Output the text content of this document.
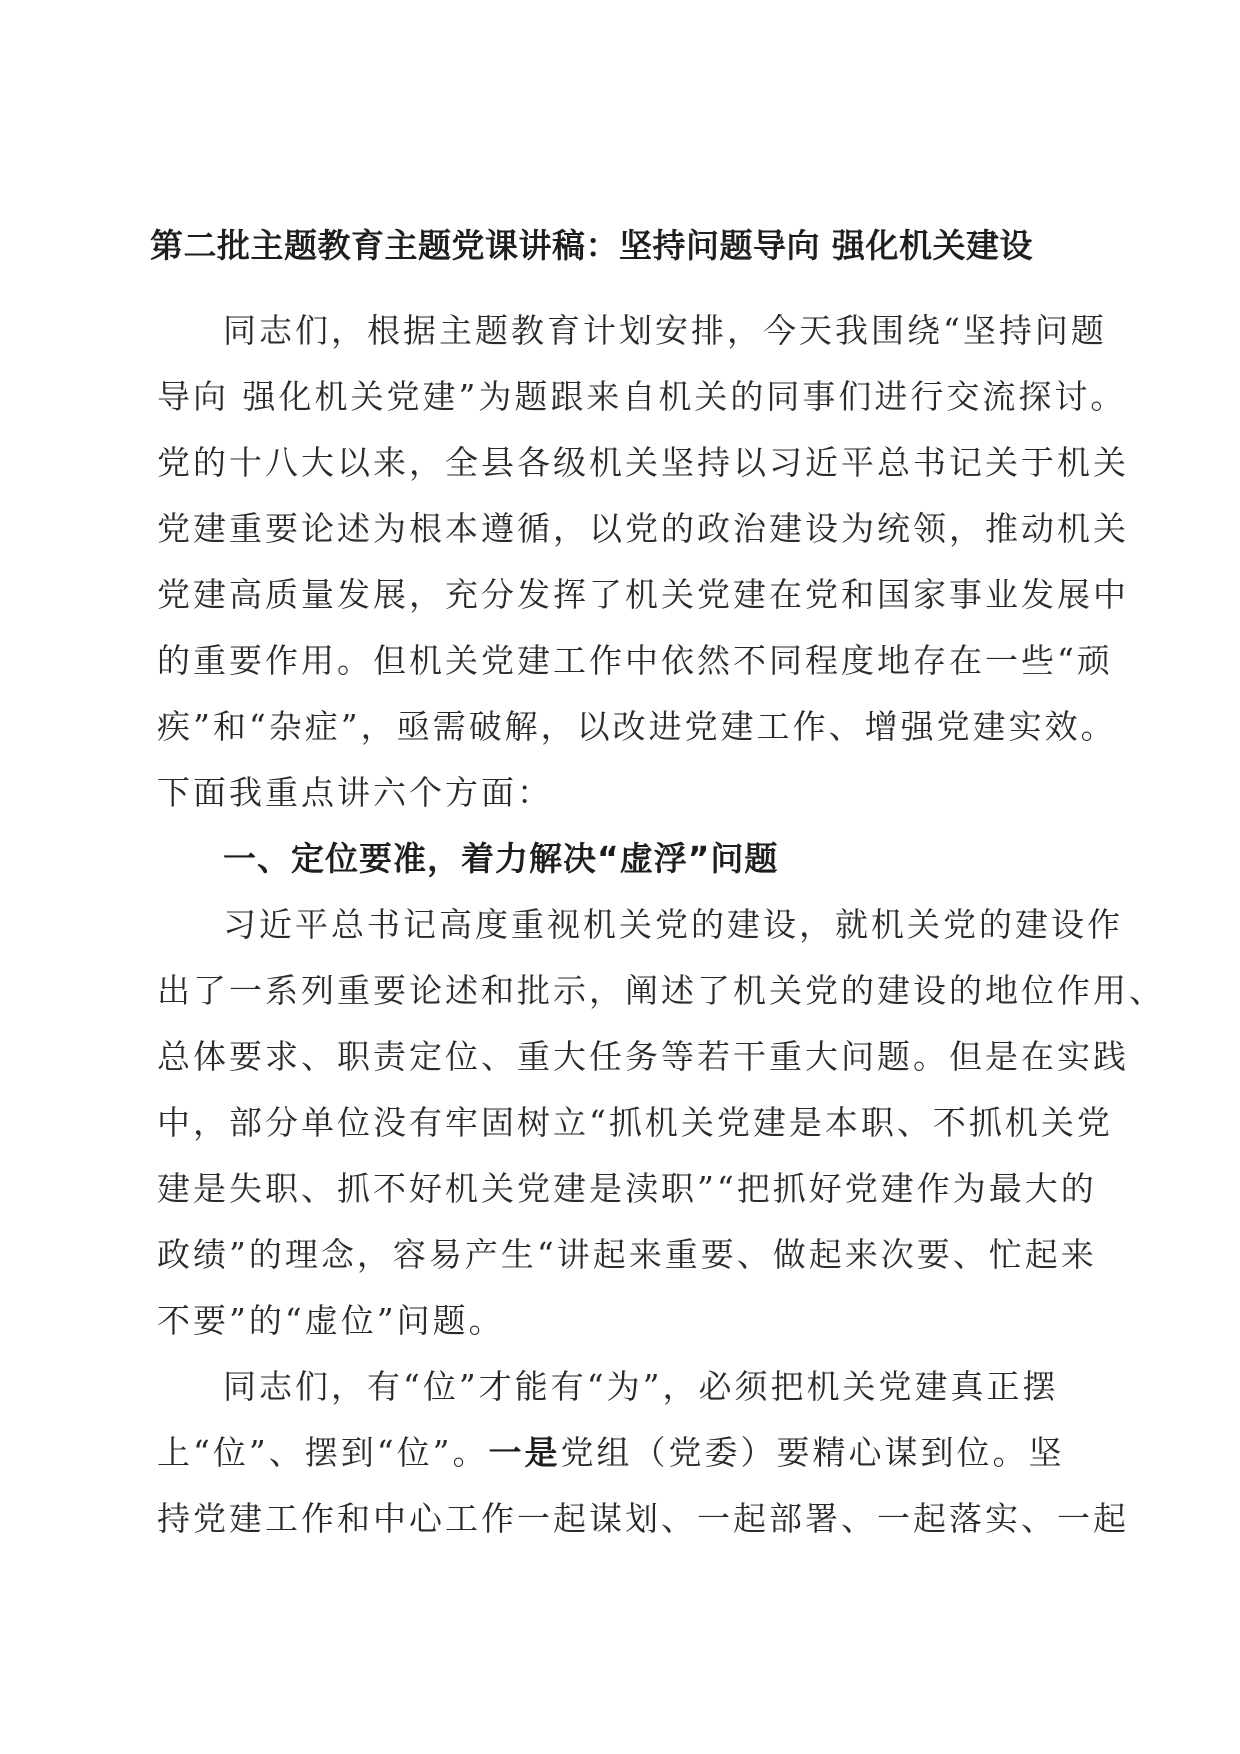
第二批主题教育主题党课讲稿：坚持问题导向 强化机关建设

同志们，根据主题教育计划安排，今天我围绕“坚持问题
导向 强化机关党建”为题跟来自机关的同事们进行交流探讨。
党的十八大以来，全县各级机关坚持以习近平总书记关于机关
党建重要论述为根本遵循，以党的政治建设为统领，推动机关
党建高质量发展，充分发挥了机关党建在党和国家事业发展中
的重要作用。但机关党建工作中依然不同程度地存在一些“顽
疾”和“杂症”，亟需破解，以改进党建工作、增强党建实效。
下面我重点讲六个方面：

一、定位要准，着力解决“虚浮”问题

习近平总书记高度重视机关党的建设，就机关党的建设作
出了一系列重要论述和批示，阐述了机关党的建设的地位作用、
总体要求、职责定位、重大任务等若干重大问题。但是在实践
中，部分单位没有牢固树立“抓机关党建是本职、不抓机关党
建是失职、抓不好机关党建是渎职”“把抓好党建作为最大的
政绩”的理念，容易产生“讲起来重要、做起来次要、忙起来
不要”的“虚位”问题。

同志们，有“位”才能有“为”，必须把机关党建真正摆
上“位”、摆到“位”。一是党组（党委）要精心谋到位。坚
持党建工作和中心工作一起谋划、一起部署、一起落实、一起
